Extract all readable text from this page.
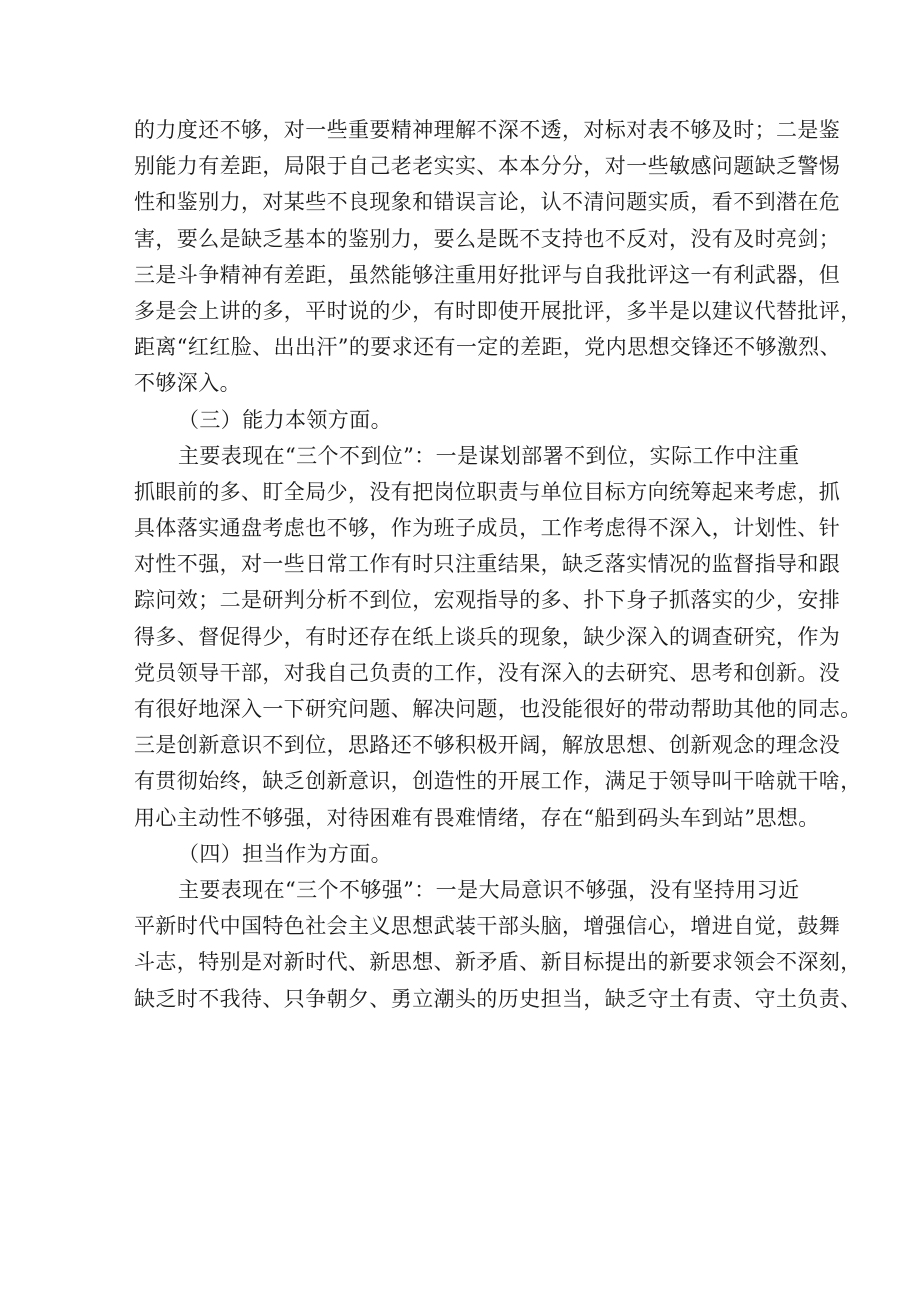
的力度还不够，对一些重要精神理解不深不透，对标对表不够及时；二是鉴
别能力有差距，局限于自己老老实实、本本分分，对一些敏感问题缺乏警惕
性和鉴别力，对某些不良现象和错误言论，认不清问题实质，看不到潜在危
害，要么是缺乏基本的鉴别力，要么是既不支持也不反对，没有及时亮剑；
三是斗争精神有差距，虽然能够注重用好批评与自我批评这一有利武器，但
多是会上讲的多，平时说的少，有时即使开展批评，多半是以建议代替批评，
距离“红红脸、出出汗”的要求还有一定的差距，党内思想交锋还不够激烈、
不够深入。
（三）能力本领方面。
主要表现在“三个不到位”：一是谋划部署不到位，实际工作中注重
抓眼前的多、盯全局少，没有把岗位职责与单位目标方向统筹起来考虑，抓
具体落实通盘考虑也不够，作为班子成员，工作考虑得不深入，计划性、针
对性不强，对一些日常工作有时只注重结果，缺乏落实情况的监督指导和跟
踪问效；二是研判分析不到位，宏观指导的多、扑下身子抓落实的少，安排
得多、督促得少，有时还存在纸上谈兵的现象，缺少深入的调查研究，作为
党员领导干部，对我自己负责的工作，没有深入的去研究、思考和创新。没
有很好地深入一下研究问题、解决问题，也没能很好的带动帮助其他的同志。
三是创新意识不到位，思路还不够积极开阔，解放思想、创新观念的理念没
有贯彻始终，缺乏创新意识，创造性的开展工作，满足于领导叫干啥就干啥，
用心主动性不够强，对待困难有畏难情绪，存在“船到码头车到站”思想。
（四）担当作为方面。
主要表现在“三个不够强”：一是大局意识不够强，没有坚持用习近
平新时代中国特色社会主义思想武装干部头脑，增强信心，增进自觉，鼓舞
斗志，特别是对新时代、新思想、新矛盾、新目标提出的新要求领会不深刻，
缺乏时不我待、只争朝夕、勇立潮头的历史担当，缺乏守土有责、守土负责、
